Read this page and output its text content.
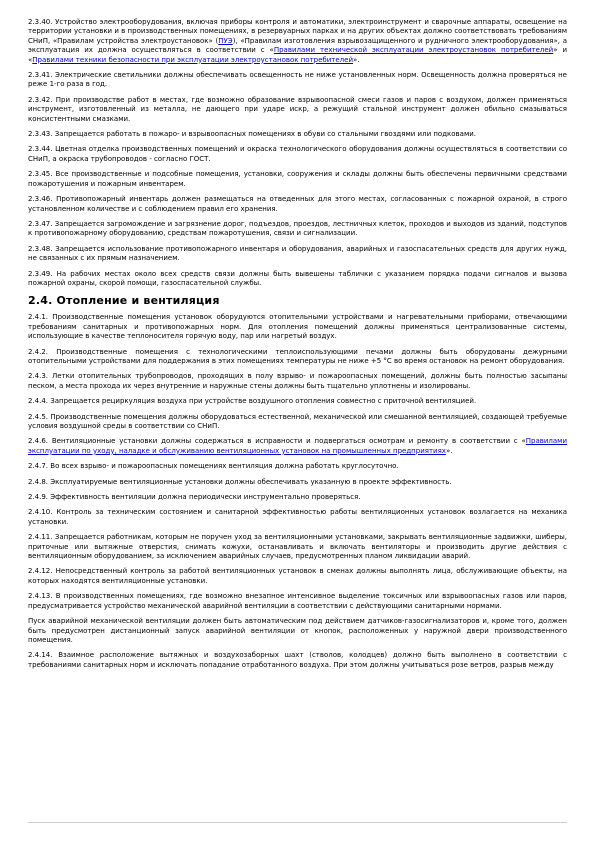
2.3.40. Устройство электрооборудования, включая приборы контроля и автоматики, электроинструмент и сварочные аппараты, освещение на территории установки и в производственных помещениях, в резервуарных парках и на других объектах должно соответствовать требованиям СНиП, «Правилам устройства электроустановок» (ПУЭ), «Правилам изготовления взрывозащищенного и рудничного электрооборудования», а эксплуатация их должна осуществляться в соответствии с «Правилами технической эксплуатации электроустановок потребителей» и «Правилами техники безопасности при эксплуатации электроустановок потребителей».
2.3.41. Электрические светильники должны обеспечивать освещенность не ниже установленных норм. Освещенность должна проверяться не реже 1-го раза в год.
2.3.42. При производстве работ в местах, где возможно образование взрывоопасной смеси газов и паров с воздухом, должен применяться инструмент, изготовленный из металла, не дающего при ударе искр, а режущий стальной инструмент должен обильно смазываться консистентными смазками.
2.3.43. Запрещается работать в пожаро- и взрывоопасных помещениях в обуви со стальными гвоздями или подковами.
2.3.44. Цветная отделка производственных помещений и окраска технологического оборудования должны осуществляться в соответствии со СНиП, а окраска трубопроводов - согласно ГОСТ.
2.3.45. Все производственные и подсобные помещения, установки, сооружения и склады должны быть обеспечены первичными средствами пожаротушения и пожарным инвентарем.
2.3.46. Противопожарный инвентарь должен размещаться на отведенных для этого местах, согласованных с пожарной охраной, в строго установленном количестве и с соблюдением правил его хранения.
2.3.47. Запрещается загромождение и загрязнение дорог, подъездов, проездов, лестничных клеток, проходов и выходов из зданий, подступов к противопожарному оборудованию, средствам пожаротушения, связи и сигнализации.
2.3.48. Запрещается использование противопожарного инвентаря и оборудования, аварийных и газоспасательных средств для других нужд, не связанных с их прямым назначением.
2.3.49. На рабочих местах около всех средств связи должны быть вывешены таблички с указанием порядка подачи сигналов и вызова пожарной охраны, скорой помощи, газоспасательной службы.
2.4. Отопление и вентиляция
2.4.1. Производственные помещения установок оборудуются отопительными устройствами и нагревательными приборами, отвечающими требованиям санитарных и противопожарных норм. Для отопления помещений должны применяться централизованные системы, использующие в качестве теплоносителя горячую воду, пар или нагретый воздух.
2.4.2. Производственные помещения с технологическими теплоиспользующими печами должны быть оборудованы дежурными отопительными устройствами для поддержания в этих помещениях температуры не ниже +5 °С во время остановок на ремонт оборудования.
2.4.3. Летки отопительных трубопроводов, проходящих в полу взрыво- и пожароопасных помещений, должны быть полностью засыпаны песком, а места прохода их через внутренние и наружные стены должны быть тщательно уплотнены и изолированы.
2.4.4. Запрещается рециркуляция воздуха при устройстве воздушного отопления совместно с приточной вентиляцией.
2.4.5. Производственные помещения должны оборудоваться естественной, механической или смешанной вентиляцией, создающей требуемые условия воздушной среды в соответствии со СНиП.
2.4.6. Вентиляционные установки должны содержаться в исправности и подвергаться осмотрам и ремонту в соответствии с «Правилами эксплуатации по уходу, наладке и обслуживанию вентиляционных установок на промышленных предприятиях».
2.4.7. Во всех взрыво- и пожароопасных помещениях вентиляция должна работать круглосуточно.
2.4.8. Эксплуатируемые вентиляционные установки должны обеспечивать указанную в проекте эффективность.
2.4.9. Эффективность вентиляции должна периодически инструментально проверяться.
2.4.10. Контроль за техническим состоянием и санитарной эффективностью работы вентиляционных установок возлагается на механика установки.
2.4.11. Запрещается работникам, которым не поручен уход за вентиляционными установками, закрывать вентиляционные задвижки, шиберы, приточные или вытяжные отверстия, снимать кожухи, останавливать и включать вентиляторы и производить другие действия с вентиляционным оборудованием, за исключением аварийных случаев, предусмотренных планом ликвидации аварий.
2.4.12. Непосредственный контроль за работой вентиляционных установок в сменах должны выполнять лица, обслуживающие объекты, на которых находятся вентиляционные установки.
2.4.13. В производственных помещениях, где возможно внезапное интенсивное выделение токсичных или взрывоопасных газов или паров, предусматривается устройство механической аварийной вентиляции в соответствии с действующими санитарными нормами.
Пуск аварийной механической вентиляции должен быть автоматическим под действием датчиков-газосигнализаторов и, кроме того, должен быть предусмотрен дистанционный запуск аварийной вентиляции от кнопок, расположенных у наружной двери производственного помещения.
2.4.14. Взаимное расположение вытяжных и воздухозаборных шахт (стволов, колодцев) должно быть выполнено в соответствии с требованиями санитарных норм и исключать попадание отработанного воздуха. При этом должны учитываться розе ветров, разрыв между
